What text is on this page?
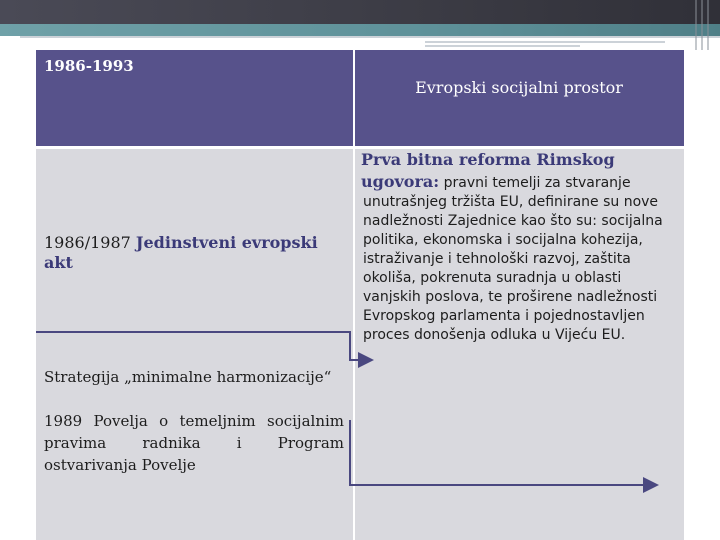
1986-1993

Evropski socijalni prostor

1986/1987 Jedinstveni evropski akt

Prva bitna reforma Rimskog ugovora: pravni temelji za stvaranje
unutrašnjeg tržišta EU, definirane su nove nadležnosti Zajednice kao što su: socijalna politika, ekonomska i socijalna kohezija, istraživanje i tehnološki razvoj, zaštita okoliša, pokrenuta suradnja u oblasti vanjskih poslova, te proširene nadležnosti Evropskog parlamenta i pojednostavljen proces donošenja odluka u Vijeću EU.

Strategija „minimalne harmonizacije“

1989 Povelja o temeljnim socijalnim pravima radnika i Program ostvarivanja Povelje
